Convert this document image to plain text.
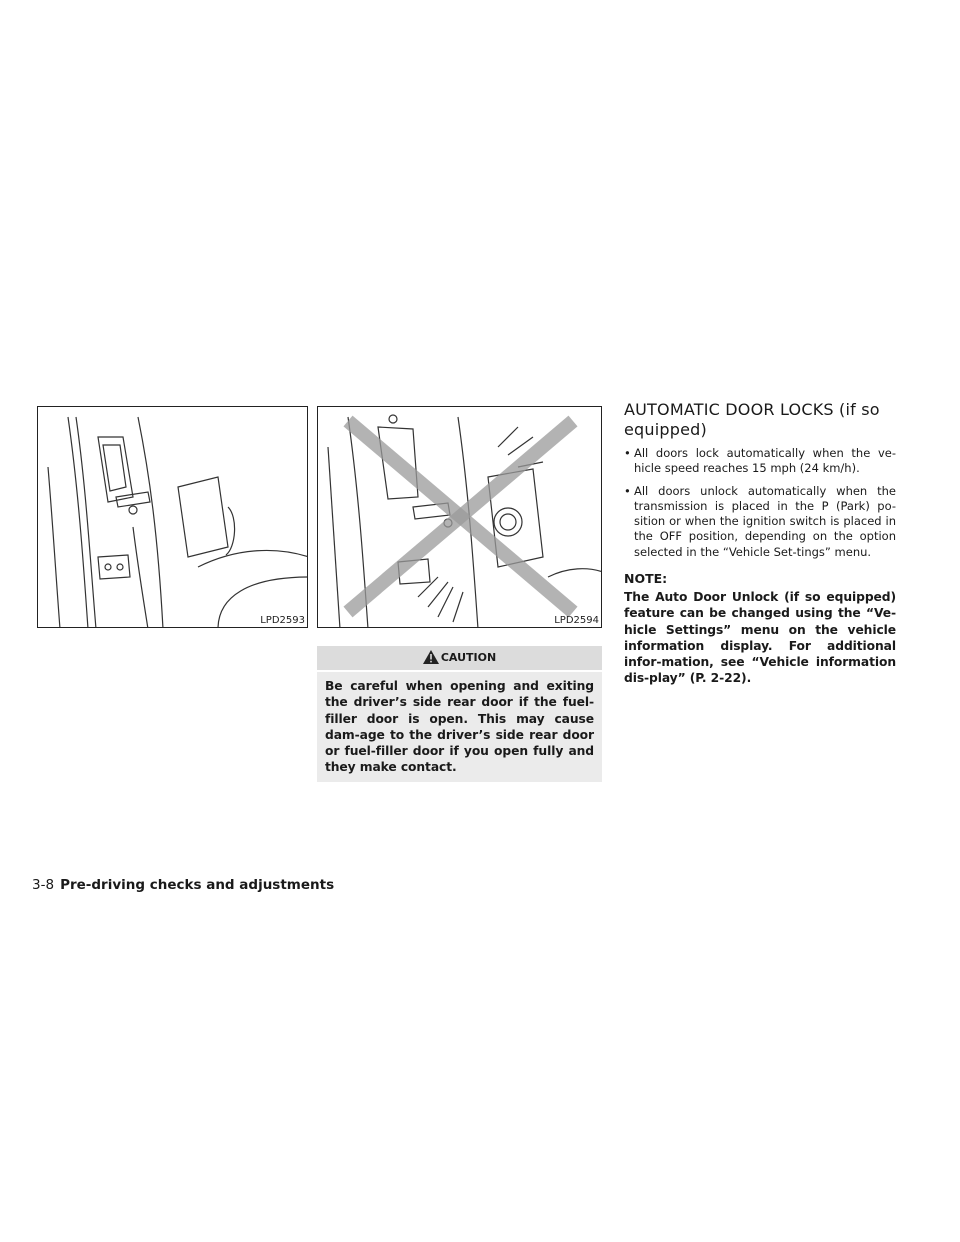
LPD2593	LPD2594
CAUTION
Be careful when opening and exiting the driver’s side rear door if the fuel-filler door is open. This may cause dam-age to the driver’s side rear door or fuel-filler door if you open fully and they make contact.
AUTOMATIC DOOR LOCKS (if so equipped)
• All doors lock automatically when the ve-hicle speed reaches 15 mph (24 km/h).
• All doors unlock automatically when the transmission is placed in the P (Park) po-sition or when the ignition switch is placed in the OFF position, depending on the option selected in the “Vehicle Set-tings” menu.
NOTE:
The Auto Door Unlock (if so equipped) feature can be changed using the “Ve-hicle Settings” menu on the vehicle information display. For additional infor-mation, see “Vehicle information dis-play” (P. 2-22).
3-8 Pre-driving checks and adjustments
